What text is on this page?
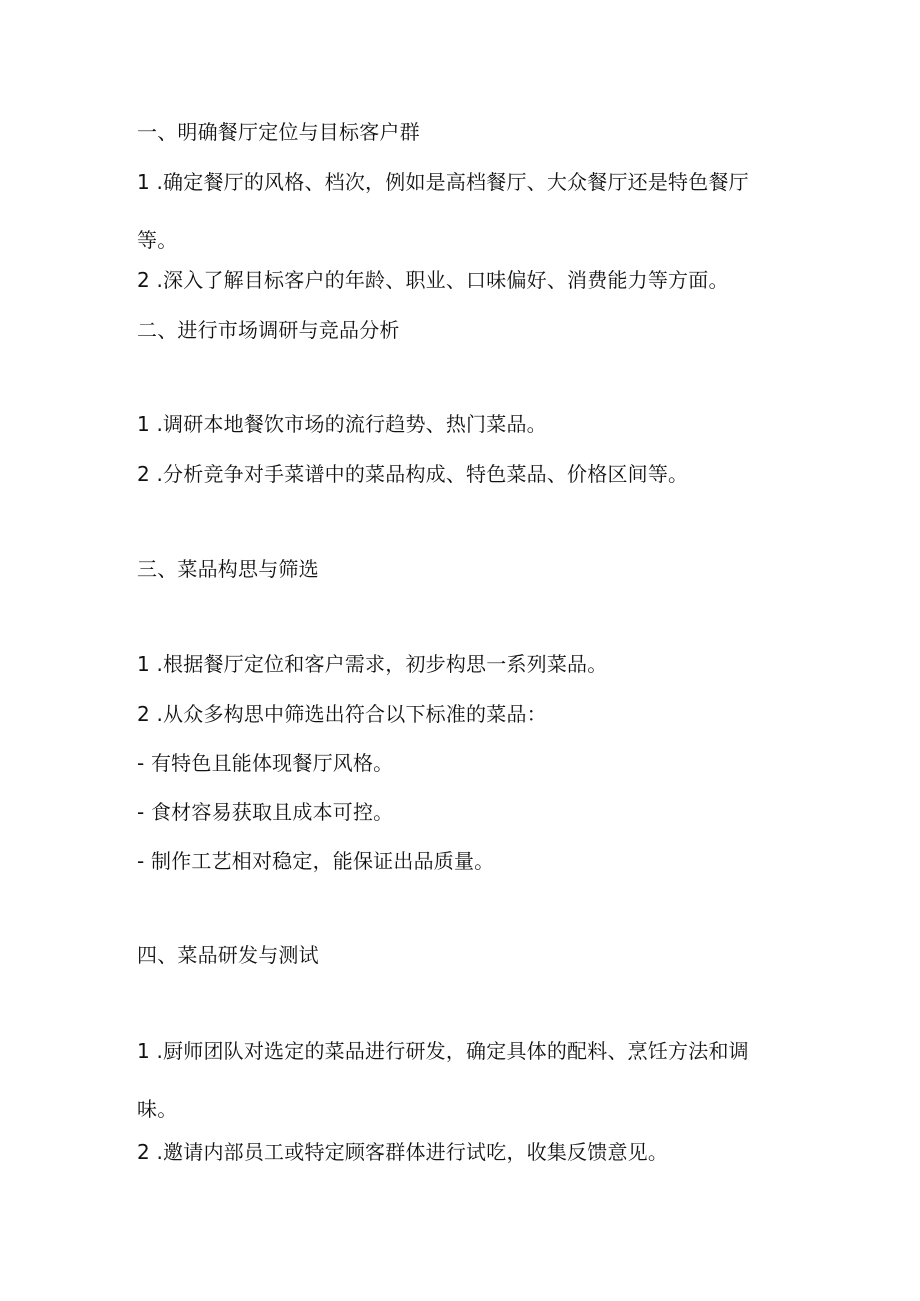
一、明确餐厅定位与目标客户群
1 .确定餐厅的风格、档次，例如是高档餐厅、大众餐厅还是特色餐厅等。
2 .深入了解目标客户的年龄、职业、口味偏好、消费能力等方面。
二、进行市场调研与竞品分析
1 .调研本地餐饮市场的流行趋势、热门菜品。
2 .分析竞争对手菜谱中的菜品构成、特色菜品、价格区间等。
三、菜品构思与筛选
1 .根据餐厅定位和客户需求，初步构思一系列菜品。
2 .从众多构思中筛选出符合以下标准的菜品：
- 有特色且能体现餐厅风格。
- 食材容易获取且成本可控。
- 制作工艺相对稳定，能保证出品质量。
四、菜品研发与测试
1 .厨师团队对选定的菜品进行研发，确定具体的配料、烹饪方法和调味。
2 .邀请内部员工或特定顾客群体进行试吃，收集反馈意见。
